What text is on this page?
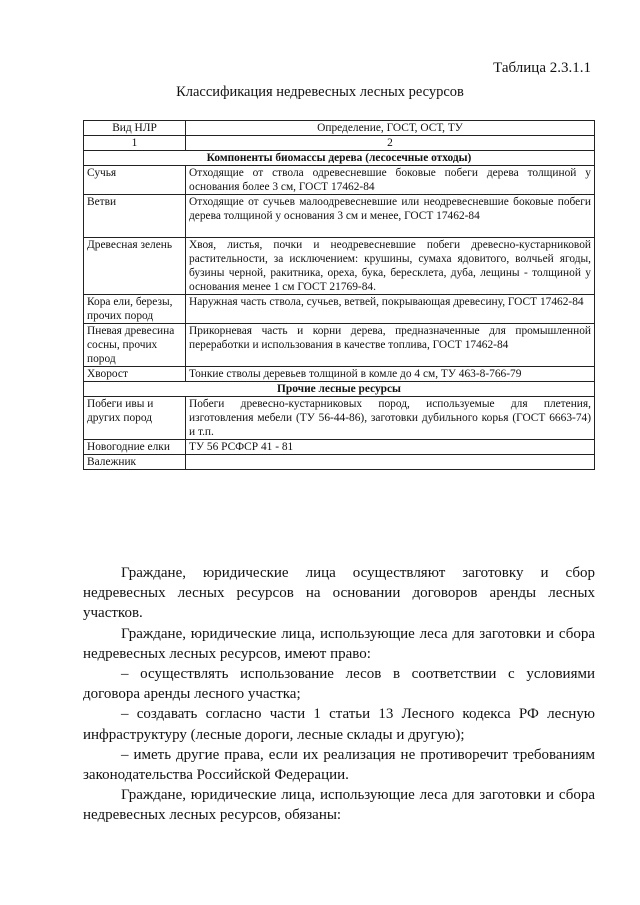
Таблица 2.3.1.1
Классификация недревесных лесных ресурсов
Вид НЛР	Определение, ГОСТ, ОСТ, ТУ
1	2
Компоненты биомассы дерева (лесосечные отходы)	
Сучья	Отходящие от ствола одревесневшие боковые побеги дерева толщиной у основания более 3 см, ГОСТ 17462-84
Ветви	Отходящие от сучьев малоодревесневшие или неодревесневшие боковые побеги дерева толщиной у основания 3 см и менее, ГОСТ 17462-84
Древесная зелень	Хвоя, листья, почки и неодревесневшие побеги древесно-кустарниковой растительности, за исключением: крушины, сумаха ядовитого, волчьей ягоды, бузины черной, ракитника, ореха, бука, бересклета, дуба, лещины - толщиной у основания менее 1 см ГОСТ 21769-84.
Кора ели, березы, прочих пород	Наружная часть ствола, сучьев, ветвей, покрывающая древесину, ГОСТ 17462-84
Пневая древесина сосны, прочих пород	Прикорневая часть и корни дерева, предназначенные для промышленной переработки и использования в качестве топлива, ГОСТ 17462-84
Хворост	Тонкие стволы деревьев толщиной в комле до 4 см, ТУ 463-8-766-79
Прочие лесные ресурсы	
Побеги ивы и других пород	Побеги древесно-кустарниковых пород, используемые для плетения, изготовления мебели (ТУ 56-44-86), заготовки дубильного корья (ГОСТ 6663-74) и т.п.
Новогодние елки	ТУ 56 РСФСР 41 - 81
Валежник	

Граждане, юридические лица осуществляют заготовку и сбор недревесных лесных ресурсов на основании договоров аренды лесных участков.

Граждане, юридические лица, использующие леса для заготовки и сбора недревесных лесных ресурсов, имеют право:

– осуществлять использование лесов в соответствии с условиями договора аренды лесного участка;

– создавать согласно части 1 статьи 13 Лесного кодекса РФ лесную инфраструктуру (лесные дороги, лесные склады и другую);

– иметь другие права, если их реализация не противоречит требованиям законодательства Российской Федерации.

Граждане, юридические лица, использующие леса для заготовки и сбора недревесных лесных ресурсов, обязаны:
